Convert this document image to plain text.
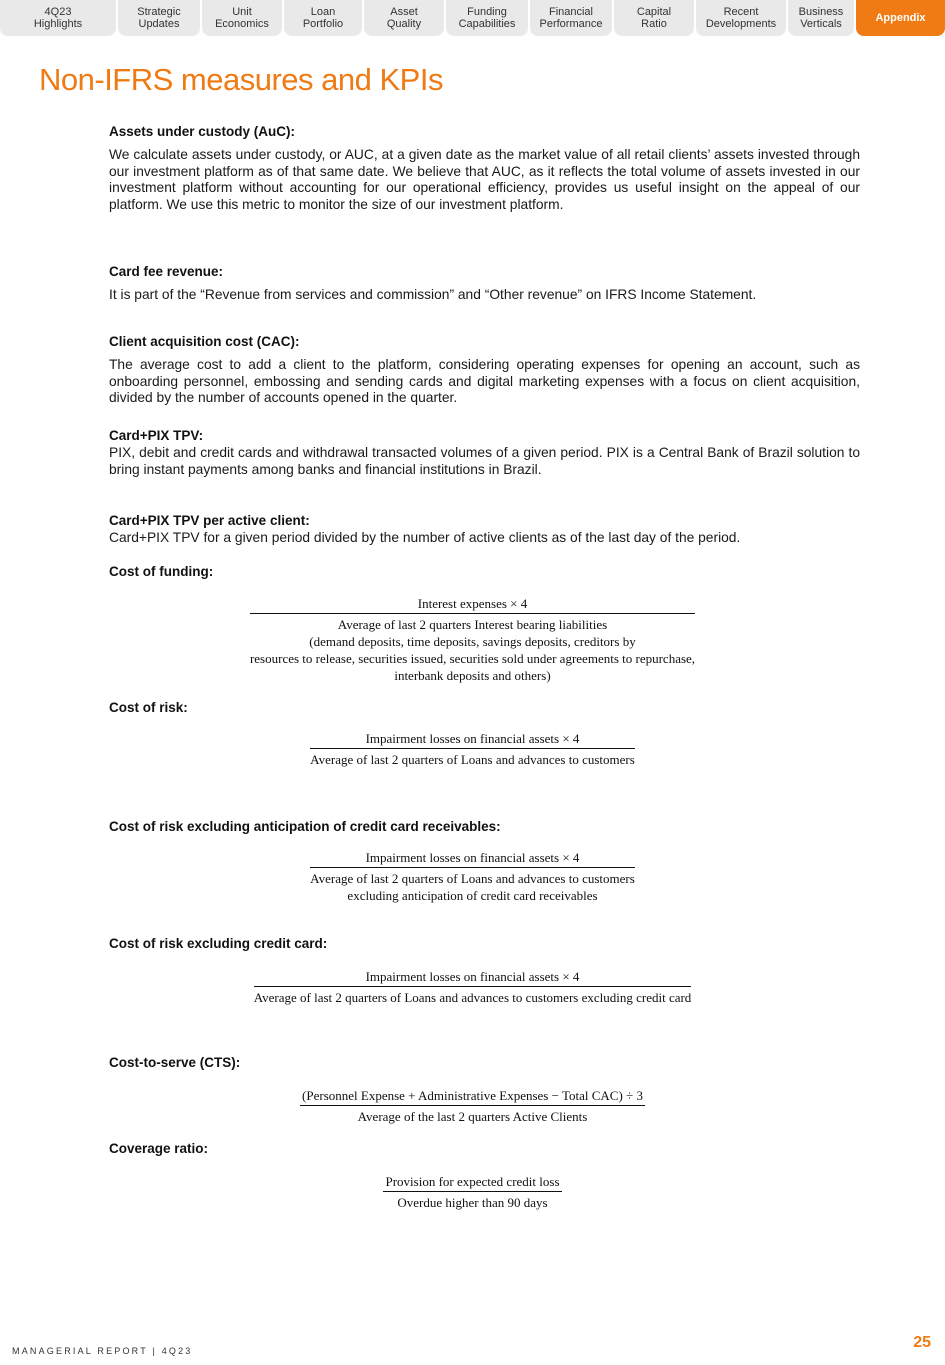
4Q23
Highlights
Strategic
Updates
Unit
Economics
Loan
Portfolio
Asset
Quality
Funding
Capabilities
Financial
Performance
Capital
Ratio
Recent
Developments
Business
Verticals	Appendix
Non-IFRS measures and KPIs

Assets under custody (AuC):

We calculate assets under custody, or AUC, at a given date as the market value of all retail clients’ assets invested through our investment platform as of that same date. We believe that AUC, as it reflects the total volume of assets invested in our investment platform without accounting for our operational efficiency, provides us useful insight on the appeal of our platform. We use this metric to monitor the size of our investment platform.

Card fee revenue:

It is part of the “Revenue from services and commission” and “Other revenue” on IFRS Income Statement.

Client acquisition cost (CAC):

The average cost to add a client to the platform, considering operating expenses for opening an account, such as onboarding personnel, embossing and sending cards and digital marketing expenses with a focus on client acquisition, divided by the number of accounts opened in the quarter.

Card+PIX TPV:

PIX, debit and credit cards and withdrawal transacted volumes of a given period. PIX is a Central Bank of Brazil solution to bring instant payments among banks and financial institutions in Brazil.

Card+PIX TPV per active client:

Card+PIX TPV for a given period divided by the number of active clients as of the last day of the period.

Cost of funding:

Cost of risk:

Cost of risk excluding anticipation of credit card receivables:

Cost of risk excluding credit card:

Cost-to-serve (CTS):

Coverage ratio:

Interest expenses × 4
Average of last 2 quarters Interest bearing liabilities
(demand deposits, time deposits, savings deposits, creditors by
resources to release, securities issued, securities sold under agreements to repurchase,
interbank deposits and others)
Impairment losses on financial assets × 4
Average of last 2 quarters of Loans and advances to customers
Impairment losses on financial assets × 4
Average of last 2 quarters of Loans and advances to customers
excluding anticipation of credit card receivables
Impairment losses on financial assets × 4
Average of last 2 quarters of Loans and advances to customers excluding credit card
(Personnel Expense + Administrative Expenses − Total CAC) ÷ 3
Average of the last 2 quarters Active Clients
$\frac{\text{Provision for expected credit loss}}{\text{Overdue higher than 90 days}}$
MANAGERIAL REPORT | 4Q23	25
